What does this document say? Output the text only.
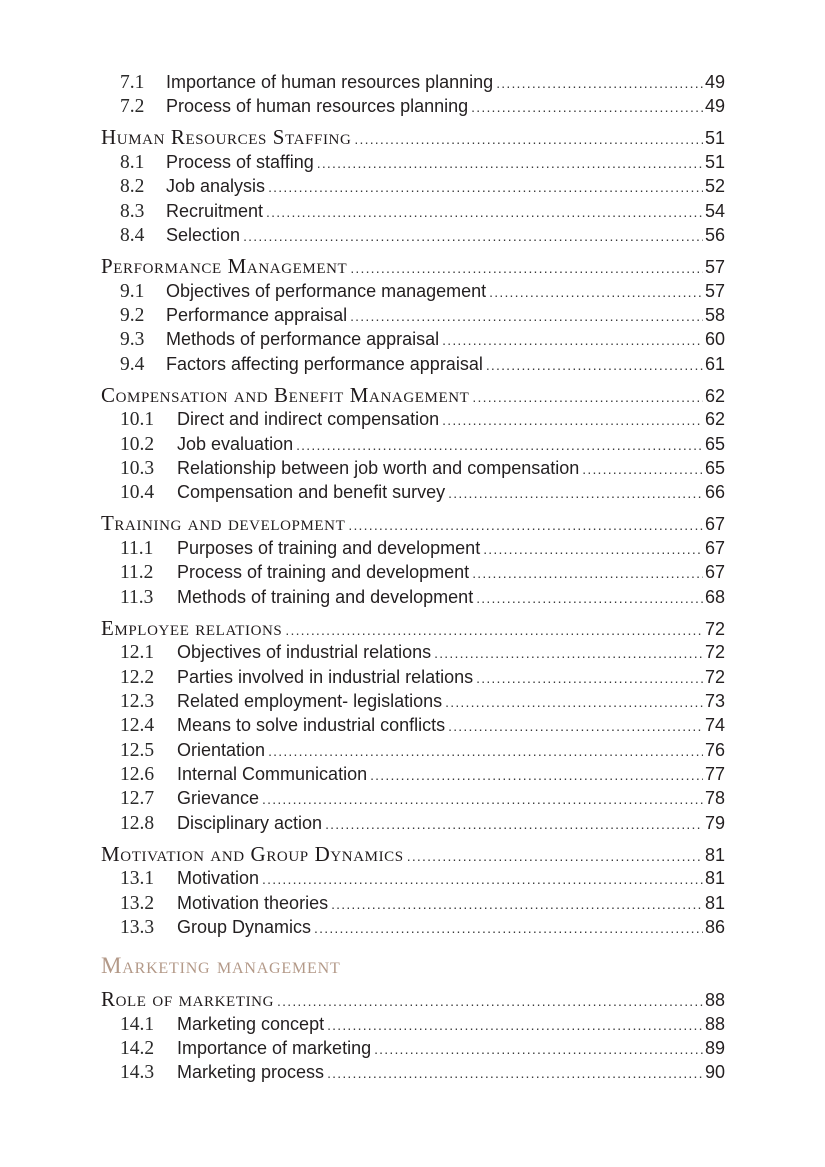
7.1	Importance of human resources planning .....	49
7.2	Process of human resources planning .....	49
Human Resources Staffing .....	51
8.1	Process of staffing .....	51
8.2	Job analysis .....	52
8.3	Recruitment .....	54
8.4	Selection .....	56
Performance Management .....	57
9.1	Objectives of performance management .....	57
9.2	Performance appraisal .....	58
9.3	Methods of performance appraisal .....	60
9.4	Factors affecting performance appraisal .....	61
Compensation and Benefit Management .....	62
10.1	Direct and indirect compensation .....	62
10.2	Job evaluation .....	65
10.3	Relationship between job worth and compensation .....	65
10.4	Compensation and benefit survey .....	66
Training and development .....	67
11.1	Purposes of training and development .....	67
11.2	Process of training and development .....	67
11.3	Methods of training and development .....	68
Employee relations .....	72
12.1	Objectives of industrial relations .....	72
12.2	Parties involved in industrial relations .....	72
12.3	Related employment- legislations .....	73
12.4	Means to solve industrial conflicts .....	74
12.5	Orientation .....	76
12.6	Internal Communication .....	77
12.7	Grievance .....	78
12.8	Disciplinary action .....	79
Motivation and Group Dynamics .....	81
13.1	Motivation .....	81
13.2	Motivation theories .....	81
13.3	Group Dynamics .....	86
Marketing management
Role of marketing .....	88
14.1	Marketing concept .....	88
14.2	Importance of marketing .....	89
14.3	Marketing process .....	90
